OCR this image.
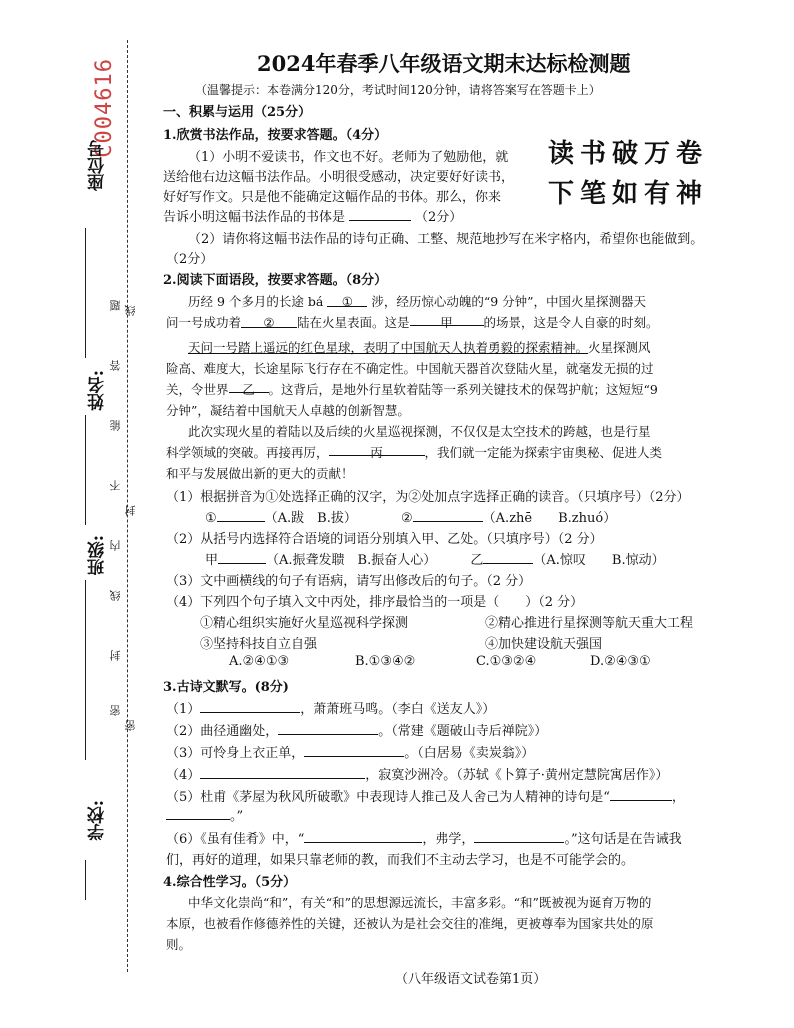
C004616
座位号
姓名:
班级:
学校:
题
答
能
不
内
线
封
密
线
封
密
2024年春季八年级语文期末达标检测题
（温馨提示：本卷满分120分，考试时间120分钟，请将答案写在答题卡上）
一、积累与运用（25分）
1.欣赏书法作品，按要求答题。（4分）
（1）小明不爱读书，作文也不好。老师为了勉励他，就
送给他右边这幅书法作品。小明很受感动，决定要好好读书，
好好写作文。只是他不能确定这幅作品的书体。那么，你来
告诉小明这幅书法作品的书体是	（2分）
读书破万卷
下笔如有神
（2）请你将这幅书法作品的诗句正确、工整、规范地抄写在米字格内，希望你也能做到。
（2分）
2.阅读下面语段，按要求答题。（8分）
历经 9 个多月的长途 bá ① 涉，经历惊心动魄的“9 分钟”，中国火星探测器天
问一号成功着 ② 陆在火星表面。这是 甲 的场景，这是令人自豪的时刻。
天问一号踏上遥远的红色星球，表明了中国航天人执着勇毅的探索精神。火星探测风
险高、难度大，长途星际飞行存在不确定性。中国航天器首次登陆火星，就毫发无损的过
关，令世界 乙 。这背后，是地外行星软着陆等一系列关键技术的保驾护航；这短短“9
分钟”，凝结着中国航天人卓越的创新智慧。
此次实现火星的着陆以及后续的火星巡视探测，不仅仅是太空技术的跨越，也是行星
科学领域的突破。再接再厉，	丙	，我们就一定能为探索宇宙奥秘、促进人类
和平与发展做出新的更大的贡献！
（1）根据拼音为①处选择正确的汉字，为②处加点字选择正确的读音。（只填序号）（2分）
①	（A.跋　B.拔）	②	（A.zhē　　B.zhuó）
（2）从括号内选择符合语境的词语分别填入甲、乙处。（只填序号）（2 分）
甲	（A.振聋发聩　B.振奋人心）	乙	（A.惊叹　　B.惊动）
（3）文中画横线的句子有语病，请写出修改后的句子。（2 分）
（4）下列四个句子填入文中丙处，排序最恰当的一项是（　　）（2 分）
①精心组织实施好火星巡视科学探测	②精心推进行星探测等航天重大工程
③坚持科技自立自强	④加快建设航天强国
A.②④①③	B.①③④②	C.①③②④	D.②④③①
3.古诗文默写。(8分)
（1）	，萧萧班马鸣。（李白《送友人》）
（2）曲径通幽处，	。（常建《题破山寺后禅院》）
（3）可怜身上衣正单，	。（白居易《卖炭翁》）
（4）	，寂寞沙洲冷。（苏轼《卜算子·黄州定慧院寓居作》）
（5）杜甫《茅屋为秋风所破歌》中表现诗人推己及人舍己为人精神的诗句是“	，
。”
（6）《虽有佳肴》中，“	，弗学，	。”这句话是在告诫我
们，再好的道理，如果只靠老师的教，而我们不主动去学习，也是不可能学会的。
4.综合性学习。（5分）
中华文化崇尚“和”，有关“和”的思想源远流长，丰富多彩。“和”既被视为诞育万物的
本原，也被看作修德养性的关键，还被认为是社会交往的准绳，更被尊奉为国家共处的原
则。
（八年级语文试卷第1页）
